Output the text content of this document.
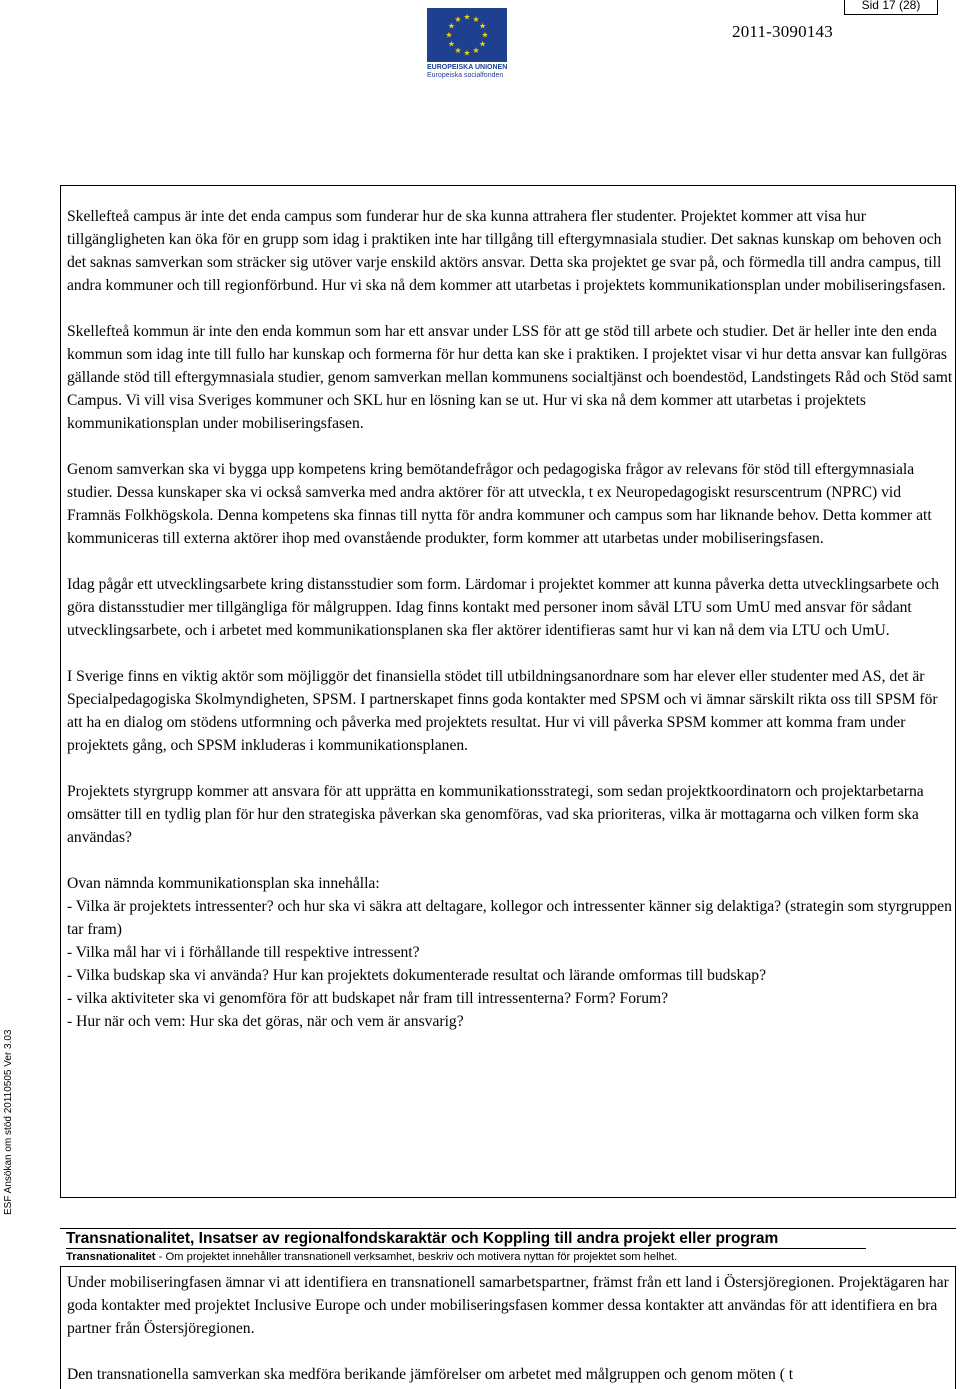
Sid 17 (28)
★ ★
★
★
★
★
★
★
★
★
★
★
EUROPEISKA UNIONEN
Europeiska socialfonden
2011-3090143
ESF Ansökan om stöd 20110505 Ver 3.03

Skellefteå campus är inte det enda campus som funderar hur de ska kunna attrahera fler studenter. Projektet kommer att visa hur tillgängligheten kan öka för en grupp som idag i praktiken inte har tillgång till eftergymnasiala studier. Det saknas kunskap om behoven och det saknas samverkan som sträcker sig utöver varje enskild aktörs ansvar. Detta ska projektet ge svar på, och förmedla till andra campus, till andra kommuner och till regionförbund. Hur vi ska nå dem kommer att utarbetas i projektets kommunikationsplan under mobiliseringsfasen.

Skellefteå kommun är inte den enda kommun som har ett ansvar under LSS för att ge stöd till arbete och studier. Det är heller inte den enda kommun som idag inte till fullo har kunskap och formerna för hur detta kan ske i praktiken. I projektet visar vi hur detta ansvar kan fullgöras gällande stöd till eftergymnasiala studier, genom samverkan mellan kommunens socialtjänst och boendestöd, Landstingets Råd och Stöd samt Campus. Vi vill visa Sveriges kommuner och SKL hur en lösning kan se ut. Hur vi ska nå dem kommer att utarbetas i projektets kommunikationsplan under mobiliseringsfasen.

Genom samverkan ska vi bygga upp kompetens kring bemötandefrågor och pedagogiska frågor av relevans för stöd till eftergymnasiala studier. Dessa kunskaper ska vi också samverka med andra aktörer för att utveckla, t ex Neuropedagogiskt resurscentrum (NPRC) vid Framnäs Folkhögskola. Denna kompetens ska finnas till nytta för andra kommuner och campus som har liknande behov. Detta kommer att kommuniceras till externa aktörer ihop med ovanstående produkter, form kommer att utarbetas under mobiliseringsfasen.

Idag pågår ett utvecklingsarbete kring distansstudier som form. Lärdomar i projektet kommer att kunna påverka detta utvecklingsarbete och göra distansstudier mer tillgängliga för målgruppen. Idag finns kontakt med personer inom såväl LTU som UmU med ansvar för sådant utvecklingsarbete, och i arbetet med kommunikationsplanen ska fler aktörer identifieras samt hur vi kan nå dem via LTU och UmU.

I Sverige finns en viktig aktör som möjliggör det finansiella stödet till utbildningsanordnare som har elever eller studenter med AS, det är Specialpedagogiska Skolmyndigheten, SPSM. I partnerskapet finns goda kontakter med SPSM och vi ämnar särskilt rikta oss till SPSM för att ha en dialog om stödens utformning och påverka med projektets resultat. Hur vi vill påverka SPSM kommer att komma fram under projektets gång, och SPSM inkluderas i kommunikationsplanen.

Projektets styrgrupp kommer att ansvara för att upprätta en kommunikationsstrategi, som sedan projektkoordinatorn och projektarbetarna omsätter till en tydlig plan för hur den strategiska påverkan ska genomföras, vad ska prioriteras, vilka är mottagarna och vilken form ska användas?

Ovan nämnda kommunikationsplan ska innehålla:

- Vilka är projektets intressenter? och hur ska vi säkra att deltagare, kollegor och intressenter känner sig delaktiga? (strategin som styrgruppen tar fram)

- Vilka mål har vi i förhållande till respektive intressent?

- Vilka budskap ska vi använda? Hur kan projektets dokumenterade resultat och lärande omformas till budskap?

- vilka aktiviteter ska vi genomföra för att budskapet når fram till intressenterna? Form? Forum?

- Hur när och vem: Hur ska det göras, när och vem är ansvarig?

Transnationalitet, Insatser av regionalfondskaraktär och Koppling till andra projekt eller program
Transnationalitet - Om projektet innehåller transnationell verksamhet, beskriv och motivera nyttan för projektet som helhet.

Under mobiliseringfasen ämnar vi att identifiera en transnationell samarbetspartner, främst från ett land i Östersjöregionen. Projektägaren har goda kontakter med projektet Inclusive Europe och under mobiliseringsfasen kommer dessa kontakter att användas för att identifiera en bra partner från Östersjöregionen.

Den transnationella samverkan ska medföra berikande jämförelser om arbetet med målgruppen och genom möten ( t
